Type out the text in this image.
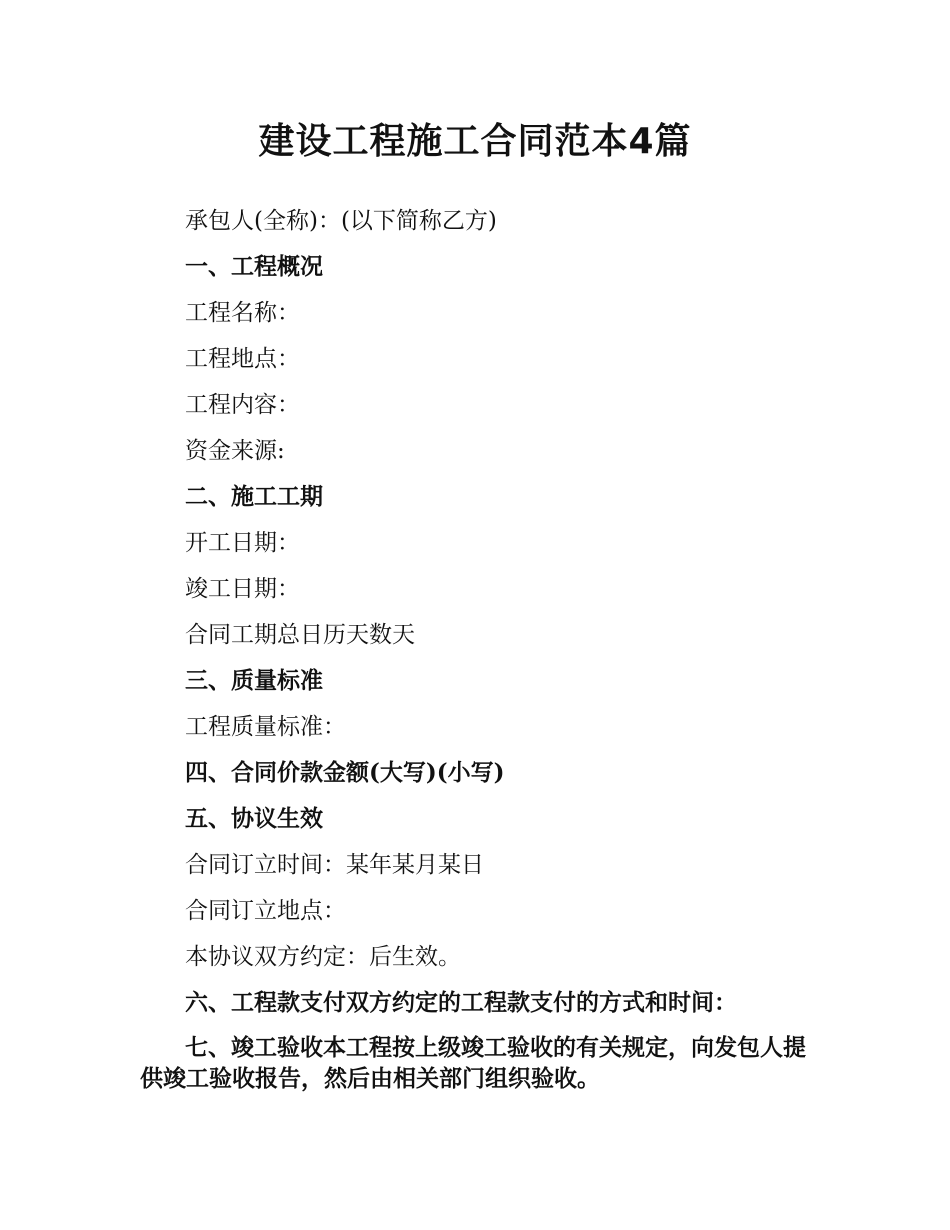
建设工程施工合同范本4篇

承包人(全称)：(以下简称乙方)

一、工程概况

工程名称：

工程地点：

工程内容：

资金来源:

二、施工工期

开工日期：

竣工日期：

合同工期总日历天数天

三、质量标准

工程质量标准：

四、合同价款金额(大写)(小写)

五、协议生效

合同订立时间：某年某月某日

合同订立地点：

本协议双方约定：后生效。

六、工程款支付双方约定的工程款支付的方式和时间：

七、竣工验收本工程按上级竣工验收的有关规定，向发包人提供竣工验收报告，然后由相关部门组织验收。
